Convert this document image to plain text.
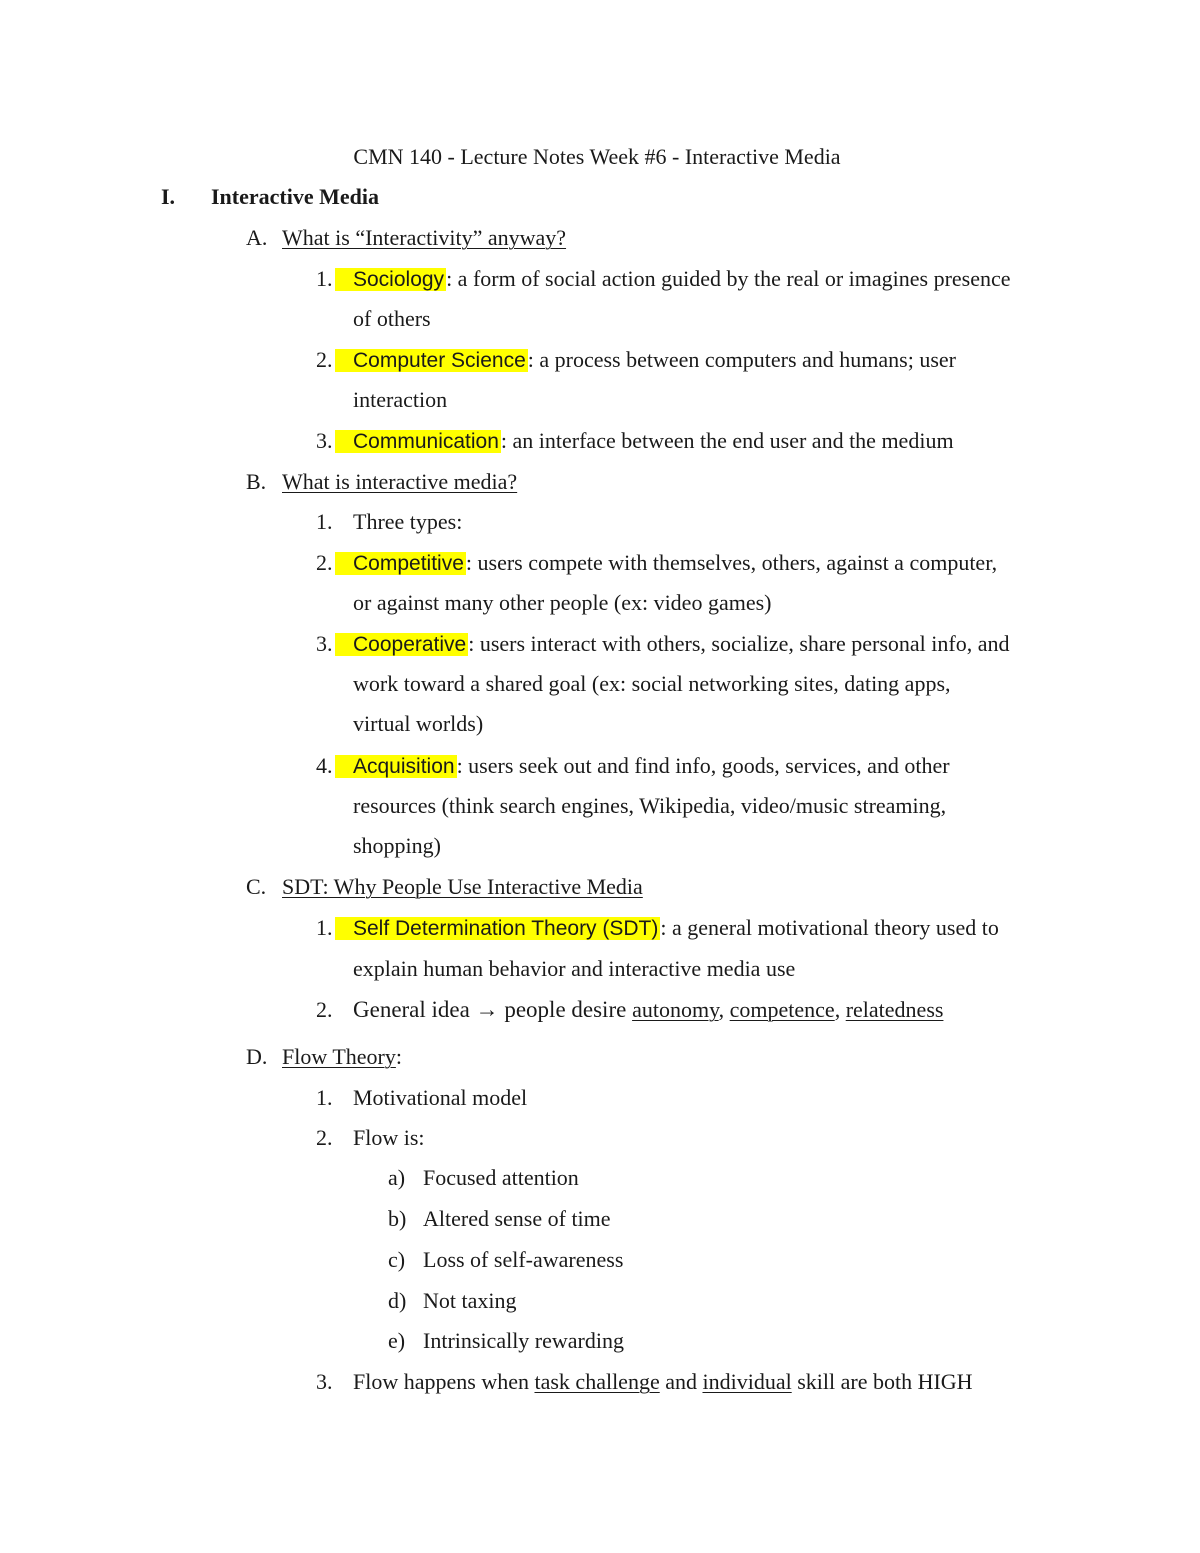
CMN 140 - Lecture Notes Week #6 - Interactive Media
I. Interactive Media
A. What is “Interactivity” anyway?
1. Sociology: a form of social action guided by the real or imagines presence
of others
2. Computer Science: a process between computers and humans; user
interaction
3. Communication: an interface between the end user and the medium
B. What is interactive media?
1. Three types:
2. Competitive: users compete with themselves, others, against a computer,
or against many other people (ex: video games)
3. Cooperative: users interact with others, socialize, share personal info, and
work toward a shared goal (ex: social networking sites, dating apps,
virtual worlds)
4. Acquisition: users seek out and find info, goods, services, and other
resources (think search engines, Wikipedia, video/music streaming,
shopping)
C. SDT: Why People Use Interactive Media
1. Self Determination Theory (SDT): a general motivational theory used to
explain human behavior and interactive media use
2. General idea → people desire autonomy, competence, relatedness
D. Flow Theory:
1. Motivational model
2. Flow is:
a) Focused attention
b) Altered sense of time
c) Loss of self-awareness
d) Not taxing
e) Intrinsically rewarding
3. Flow happens when task challenge and individual skill are both HIGH
